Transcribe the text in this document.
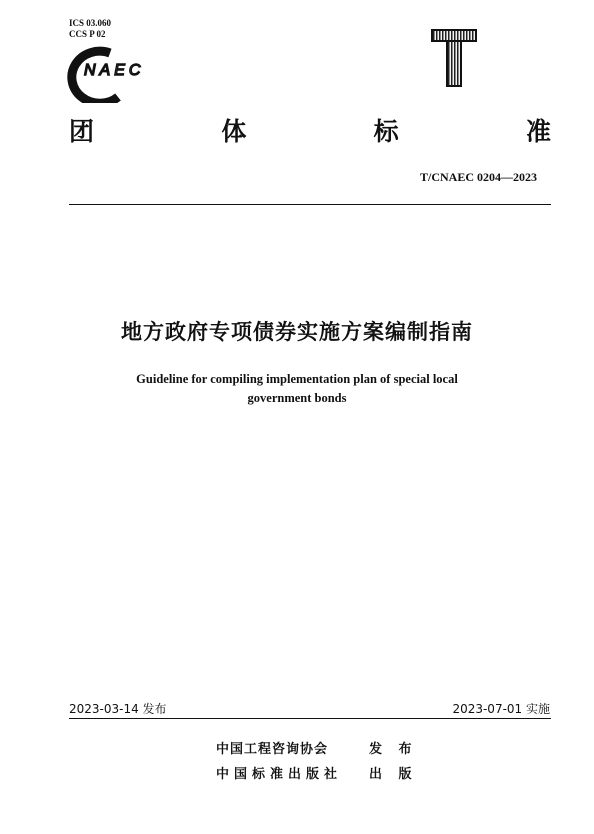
ICS 03.060
CCS P 02
NAEC
团	体	标	准
T/CNAEC 0204—2023
地方政府专项债券实施方案编制指南
Guideline for compiling implementation plan of special local
government bonds
2023-03-14 发布	2023-07-01 实施
中国工程咨询协会	发 布
中国标准出版社 出 版
